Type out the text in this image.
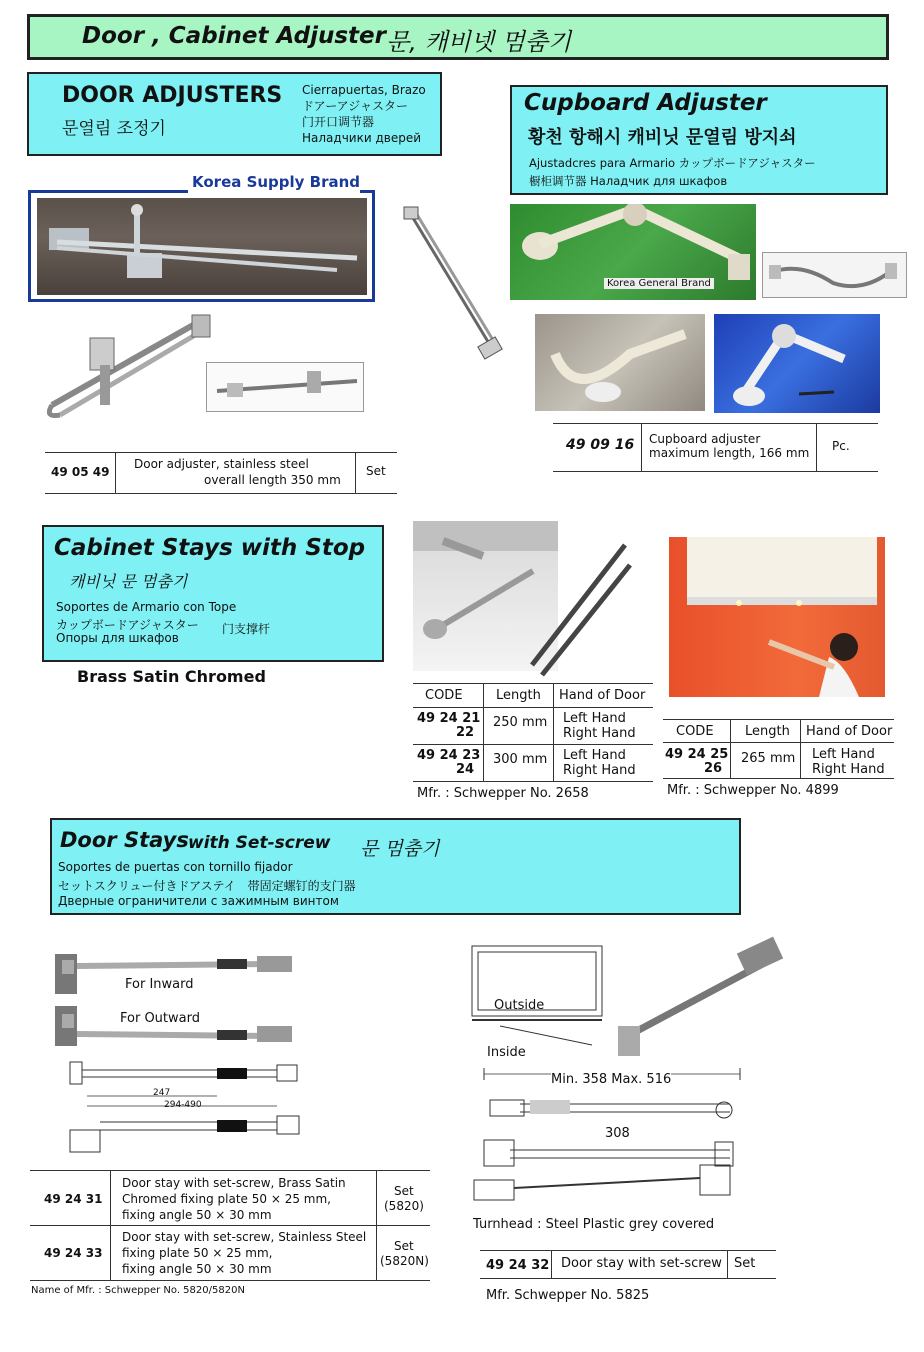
Door , Cabinet Adjuster 문, 캐비넷 멈춤기
DOOR ADJUSTERS
문열림 조정기
Cierrapuertas, Brazo
ドアーアジャスター
门开口调节器
Наладчики дверей
Korea Supply Brand
49 05 49
Door adjuster, stainless steel
overall length 350 mm
Set
Cupboard Adjuster
황천 항해시 캐비닛 문열림 방지쇠
Ajustadcres para Armario カップボードアジャスター
橱柜调节器 Наладчик для шкафов
Korea General Brand
49 09 16 Cupboard adjuster
maximum length, 166 mm Pc.
Cabinet Stays with Stop
캐비닛 문 멈춤기
Soportes de Armario con Tope
カップボードアジャスター 门支撑杆
Опоры для шкафов
Brass Satin Chromed
CODE	Length Hand of Door
49 24 21
22
250 mm Left Hand
Right Hand
49 24 23
24
300 mm Left Hand
Right Hand
Mfr. : Schwepper No. 2658
CODE Length Hand of Door
49 24 25
26
265 mm Left Hand
Right Hand
Mfr. : Schwepper No. 4899
Door Stays with Set-screw 문 멈춤기
Soportes de puertas con tornillo fijador
セットスクリュー付きドアステイ　帯固定螺钉的支门器
Дверные ограничители с зажимным винтом
For Inward
For Outward
247
294-490
49 24 31
Door stay with set-screw, Brass Satin
Chromed fixing plate 50 × 25 mm,
fixing angle 50 × 30 mm
Set
(5820)
49 24 33
Door stay with set-screw, Stainless Steel
fixing plate 50 × 25 mm,
fixing angle 50 × 30 mm
Set
(5820N)
Name of Mfr. : Schwepper No. 5820/5820N
Outside
Inside
Min. 358 Max. 516
308
Turnhead : Steel Plastic grey covered
49 24 32 Door stay with set-screw Set
Mfr. Schwepper No. 5825
